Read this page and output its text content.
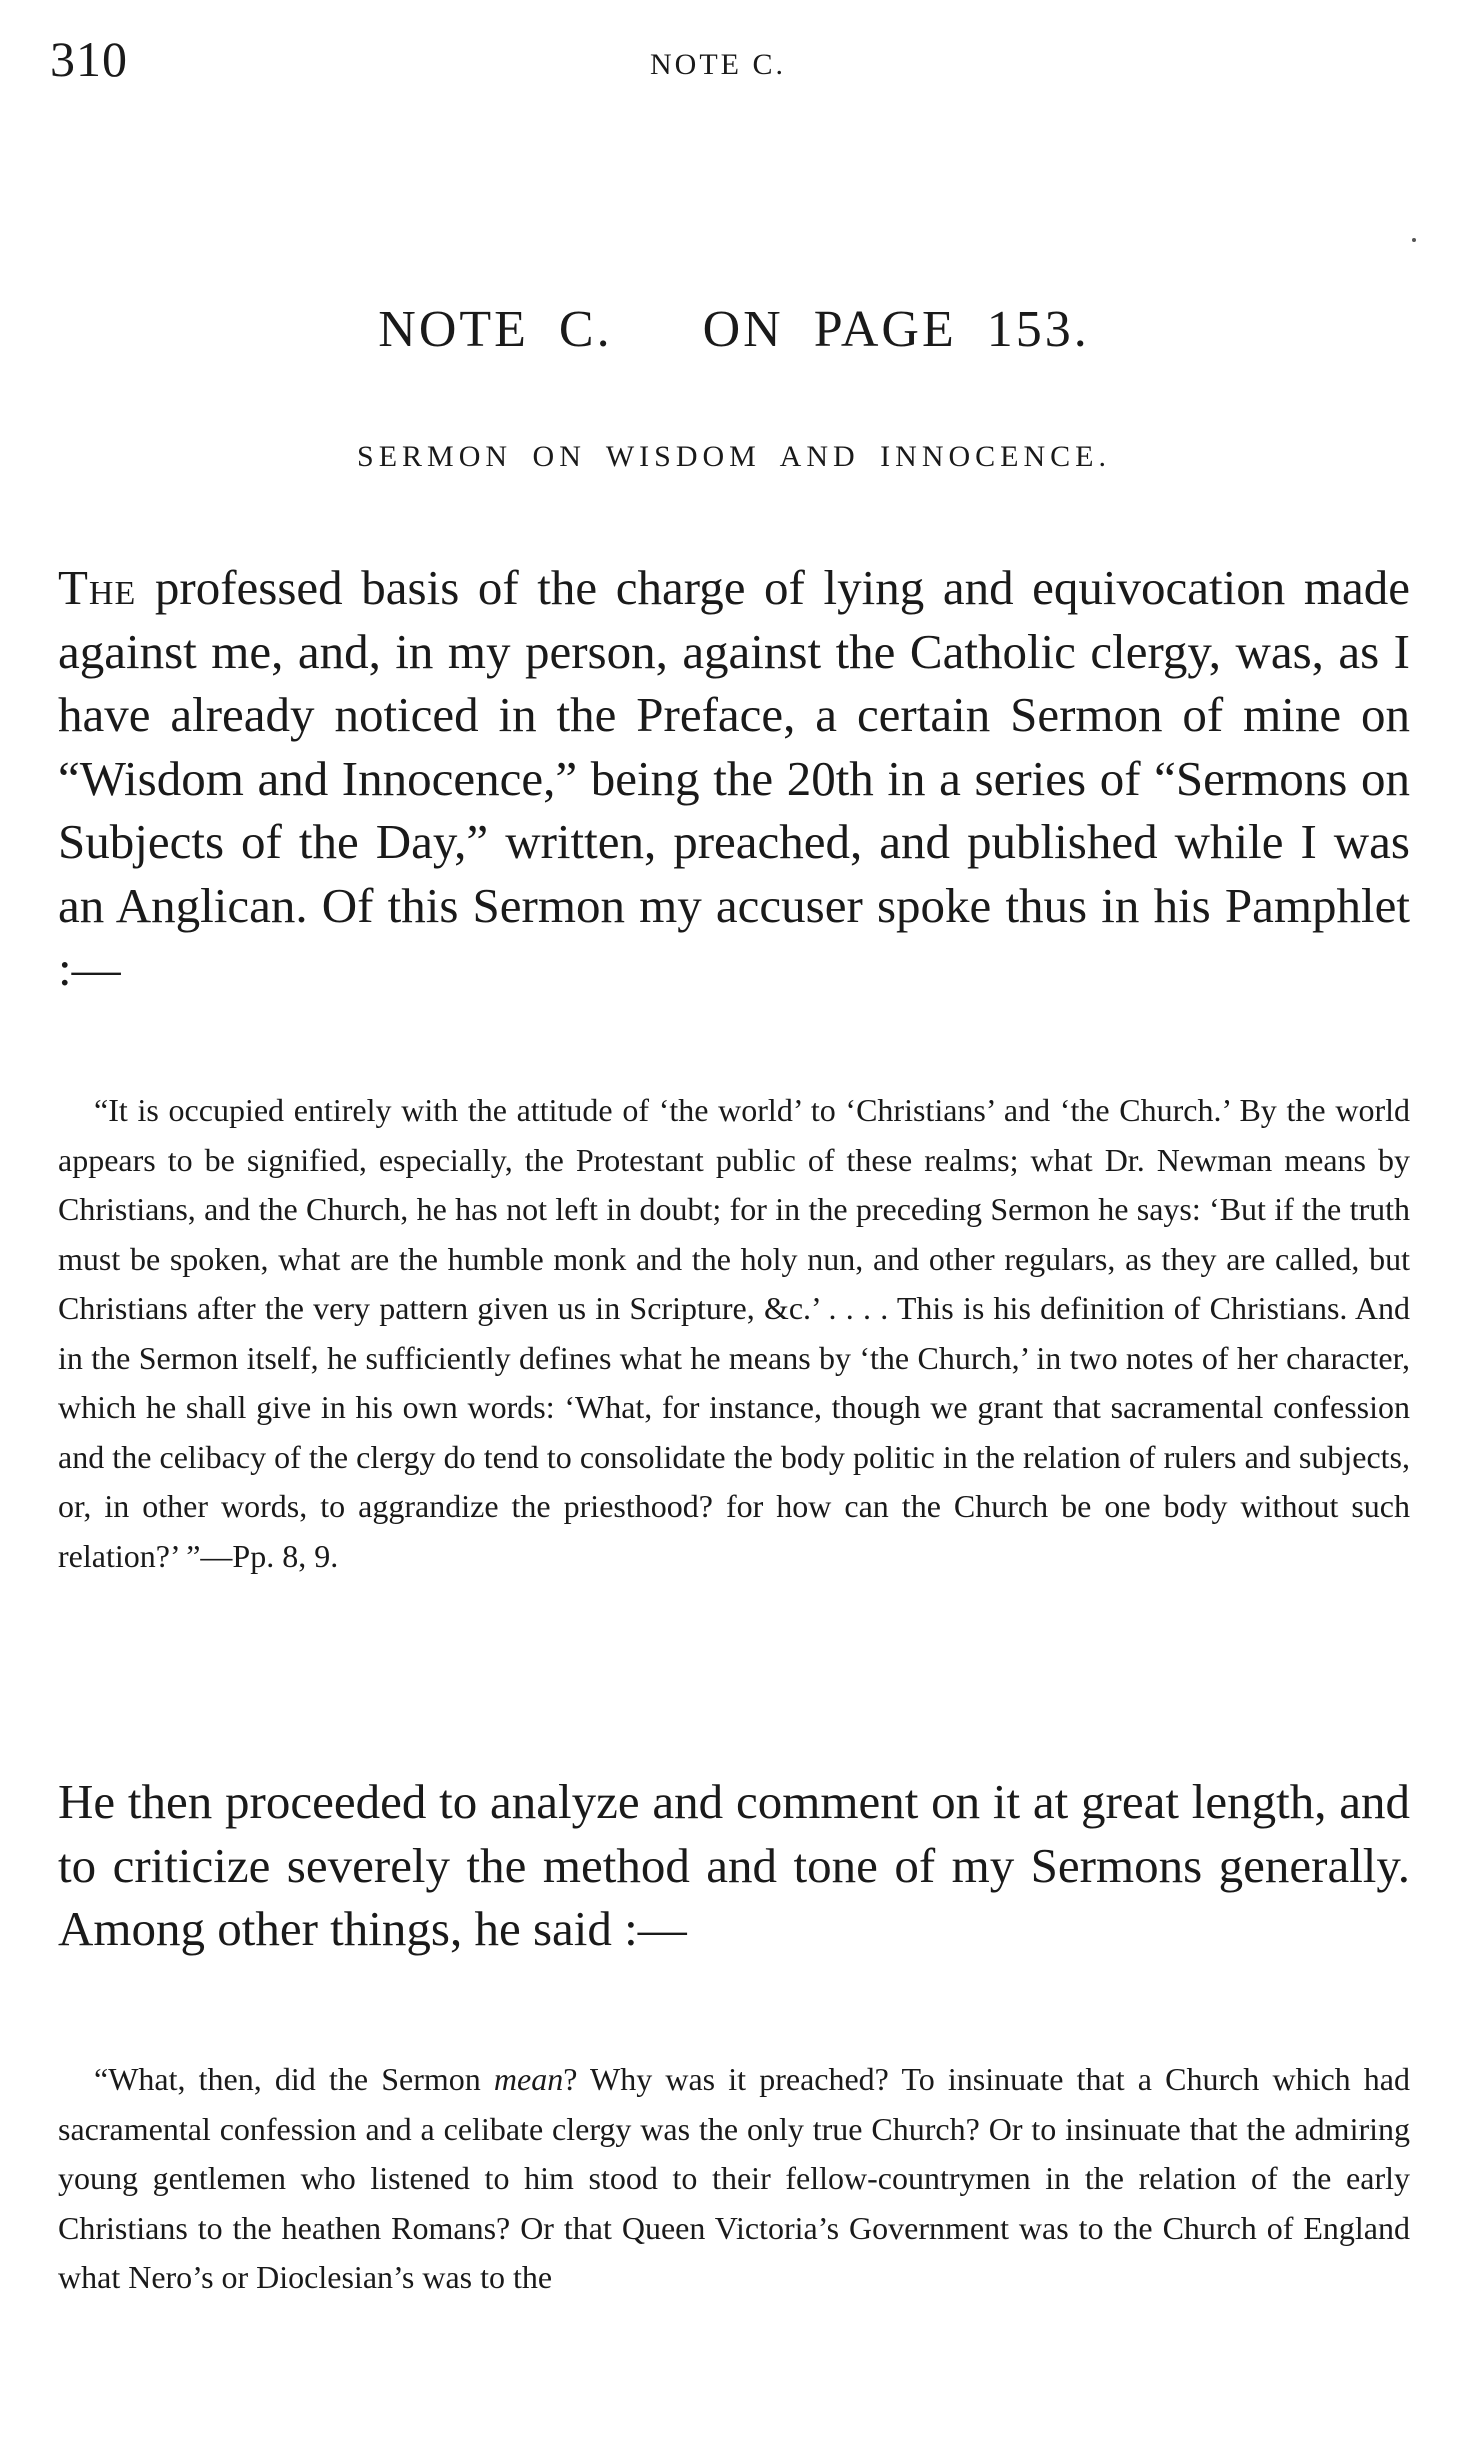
310	NOTE C.
NOTE C.   ON PAGE 153.
SERMON ON WISDOM AND INNOCENCE.

The professed basis of the charge of lying and equivocation made against me, and, in my person, against the Catholic clergy, was, as I have already noticed in the Preface, a certain Sermon of mine on “Wisdom and Innocence,” being the 20th in a series of “Sermons on Subjects of the Day,” written, preached, and published while I was an Anglican. Of this Sermon my accuser spoke thus in his Pamphlet :—

“It is occupied entirely with the attitude of ‘the world’ to ‘Christians’ and ‘the Church.’ By the world appears to be signified, especially, the Protestant public of these realms; what Dr. Newman means by Christians, and the Church, he has not left in doubt; for in the preceding Sermon he says: ‘But if the truth must be spoken, what are the humble monk and the holy nun, and other regulars, as they are called, but Christians after the very pattern given us in Scripture, &c.’ . . . . This is his definition of Christians. And in the Sermon itself, he sufficiently defines what he means by ‘the Church,’ in two notes of her character, which he shall give in his own words: ‘What, for instance, though we grant that sacramental confession and the celibacy of the clergy do tend to consolidate the body politic in the relation of rulers and subjects, or, in other words, to aggrandize the priesthood? for how can the Church be one body without such relation?’ ”—Pp. 8, 9.

He then proceeded to analyze and comment on it at great length, and to criticize severely the method and tone of my Sermons generally. Among other things, he said :—

“What, then, did the Sermon mean? Why was it preached? To insinuate that a Church which had sacramental confession and a celibate clergy was the only true Church? Or to insinuate that the admiring young gentlemen who listened to him stood to their fellow-countrymen in the relation of the early Christians to the heathen Romans? Or that Queen Victoria’s Government was to the Church of England what Nero’s or Dioclesian’s was to the
